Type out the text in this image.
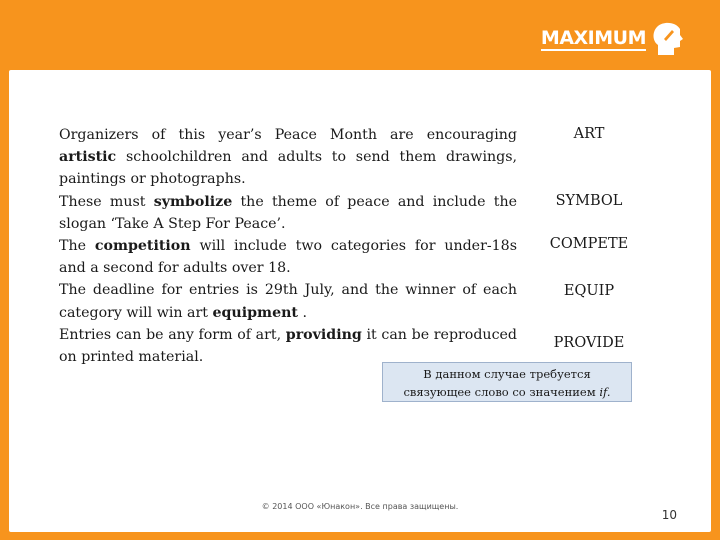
MAXIMUM

Organizers of this year’s Peace Month are encouraging artistic schoolchildren and adults to send them drawings, paintings or photographs.

These must symbolize the theme of peace and include the slogan ‘Take A Step For Peace’.

The competition will include two categories for under-18s and a second for adults over 18.

The deadline for entries is 29th July, and the winner of each category will win art equipment .

Entries can be any form of art, providing it can be reproduced on printed material.

ART
SYMBOL
COMPETE
EQUIP
PROVIDE
В данном случае требуется
связующее слово со значением if.
© 2014 ООО «Юнакон». Все права защищены.
10
